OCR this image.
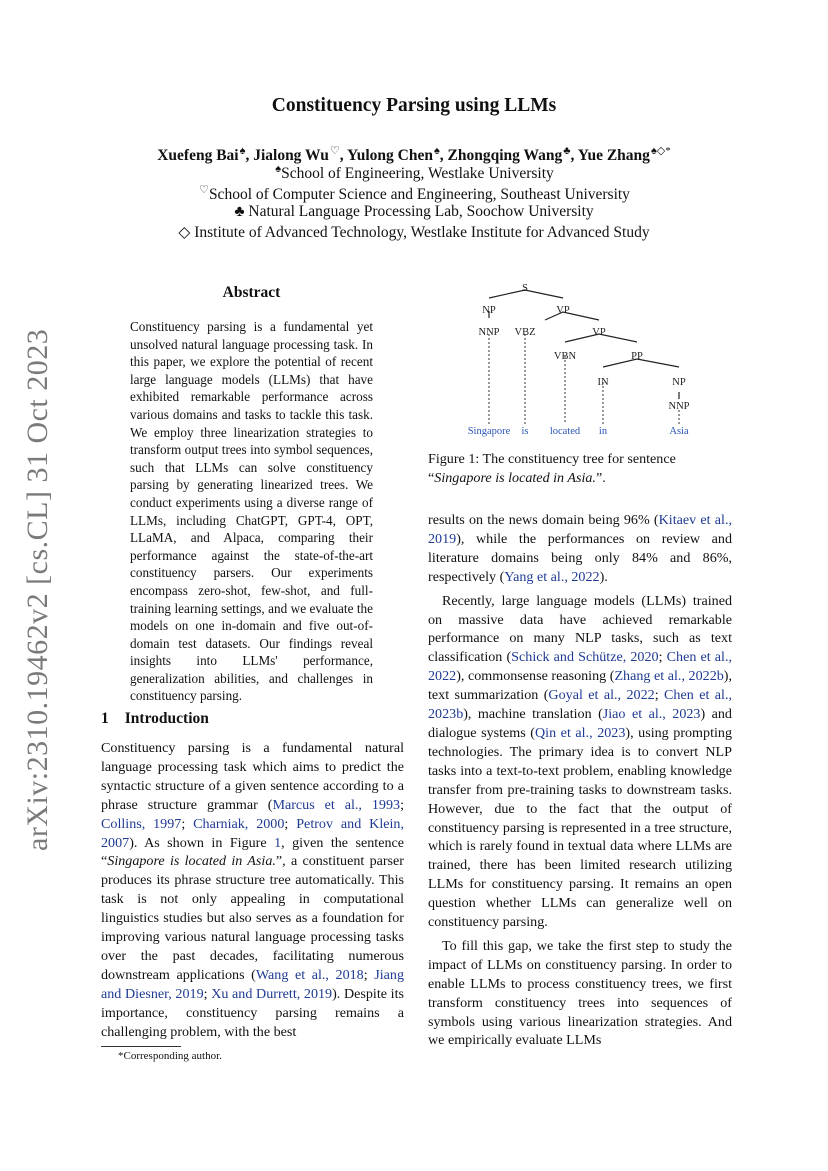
arXiv:2310.19462v2 [cs.CL] 31 Oct 2023
Constituency Parsing using LLMs
Xuefeng Bai♠, Jialong Wu♡, Yulong Chen♠, Zhongqing Wang♣, Yue Zhang♠◇*
♠School of Engineering, Westlake University
♡School of Computer Science and Engineering, Southeast University
♣ Natural Language Processing Lab, Soochow University
◇ Institute of Advanced Technology, Westlake Institute for Advanced Study
Abstract
Constituency parsing is a fundamental yet unsolved natural language processing task. In this paper, we explore the potential of recent large language models (LLMs) that have exhibited remarkable performance across various domains and tasks to tackle this task. We employ three linearization strategies to transform output trees into symbol sequences, such that LLMs can solve constituency parsing by generating linearized trees. We conduct experiments using a diverse range of LLMs, including ChatGPT, GPT-4, OPT, LLaMA, and Alpaca, comparing their performance against the state-of-the-art constituency parsers. Our experiments encompass zero-shot, few-shot, and full-training learning settings, and we evaluate the models on one in-domain and five out-of-domain test datasets. Our findings reveal insights into LLMs' performance, generalization abilities, and challenges in constituency parsing.
1 Introduction

Constituency parsing is a fundamental natural language processing task which aims to predict the syntactic structure of a given sentence according to a phrase structure grammar (Marcus et al., 1993; Collins, 1997; Charniak, 2000; Petrov and Klein, 2007). As shown in Figure 1, given the sentence “Singapore is located in Asia.”, a constituent parser produces its phrase structure tree automatically. This task is not only appealing in computational linguistics studies but also serves as a foundation for improving various natural language processing tasks over the past decades, facilitating numerous downstream applications (Wang et al., 2018; Jiang and Diesner, 2019; Xu and Durrett, 2019). Despite its importance, constituency parsing remains a challenging problem, with the best

*Corresponding author.
S
NP	VP
NNP VBZ	VP
VBN	PP
IN	NP
NNP
Singapore is located in	Asia
Figure 1: The constituency tree for sentence “Singapore is located in Asia.”.

results on the news domain being 96% (Kitaev et al., 2019), while the performances on review and literature domains being only 84% and 86%, respectively (Yang et al., 2022).

Recently, large language models (LLMs) trained on massive data have achieved remarkable performance on many NLP tasks, such as text classification (Schick and Schütze, 2020; Chen et al., 2022), commonsense reasoning (Zhang et al., 2022b), text summarization (Goyal et al., 2022; Chen et al., 2023b), machine translation (Jiao et al., 2023) and dialogue systems (Qin et al., 2023), using prompting technologies. The primary idea is to convert NLP tasks into a text-to-text problem, enabling knowledge transfer from pre-training tasks to downstream tasks. However, due to the fact that the output of constituency parsing is represented in a tree structure, which is rarely found in textual data where LLMs are trained, there has been limited research utilizing LLMs for constituency parsing. It remains an open question whether LLMs can generalize well on constituency parsing.

To fill this gap, we take the first step to study the impact of LLMs on constituency parsing. In order to enable LLMs to process constituency trees, we first transform constituency trees into sequences of symbols using various linearization strategies. And we empirically evaluate LLMs
